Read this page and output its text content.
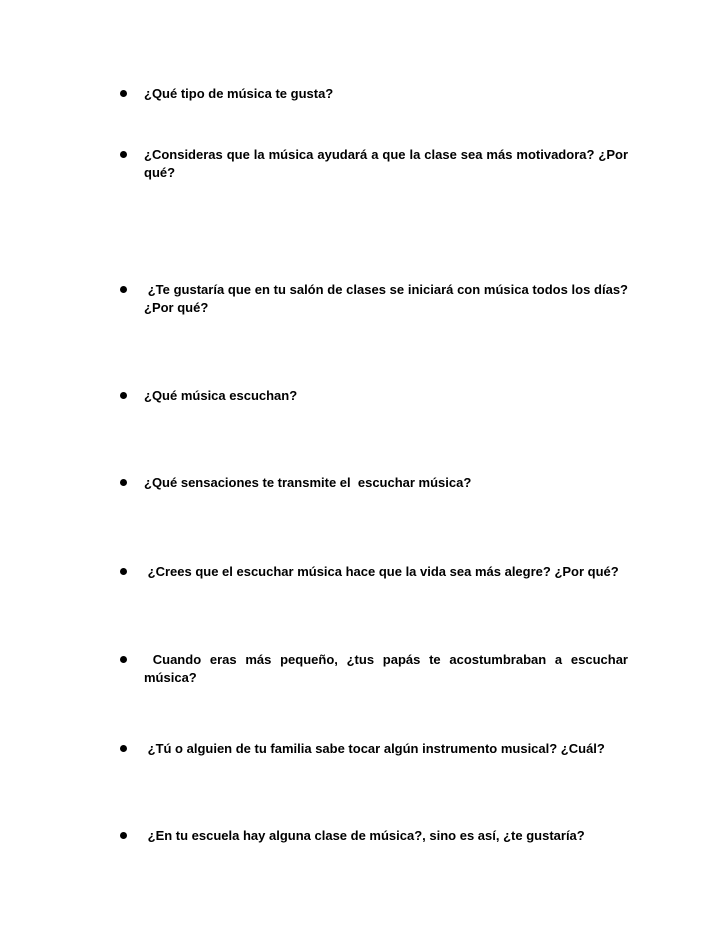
¿Qué tipo de música te gusta?
¿Consideras que la música ayudará a que la clase sea más motivadora? ¿Por qué?
¿Te gustaría que en tu salón de clases se iniciará con música todos los días? ¿Por qué?
¿Qué música escuchan?
¿Qué sensaciones te transmite el  escuchar música?
¿Crees que el escuchar música hace que la vida sea más alegre? ¿Por qué?
Cuando eras más pequeño, ¿tus papás te acostumbraban a escuchar música?
¿Tú o alguien de tu familia sabe tocar algún instrumento musical? ¿Cuál?
¿En tu escuela hay alguna clase de música?, sino es así, ¿te gustaría?
